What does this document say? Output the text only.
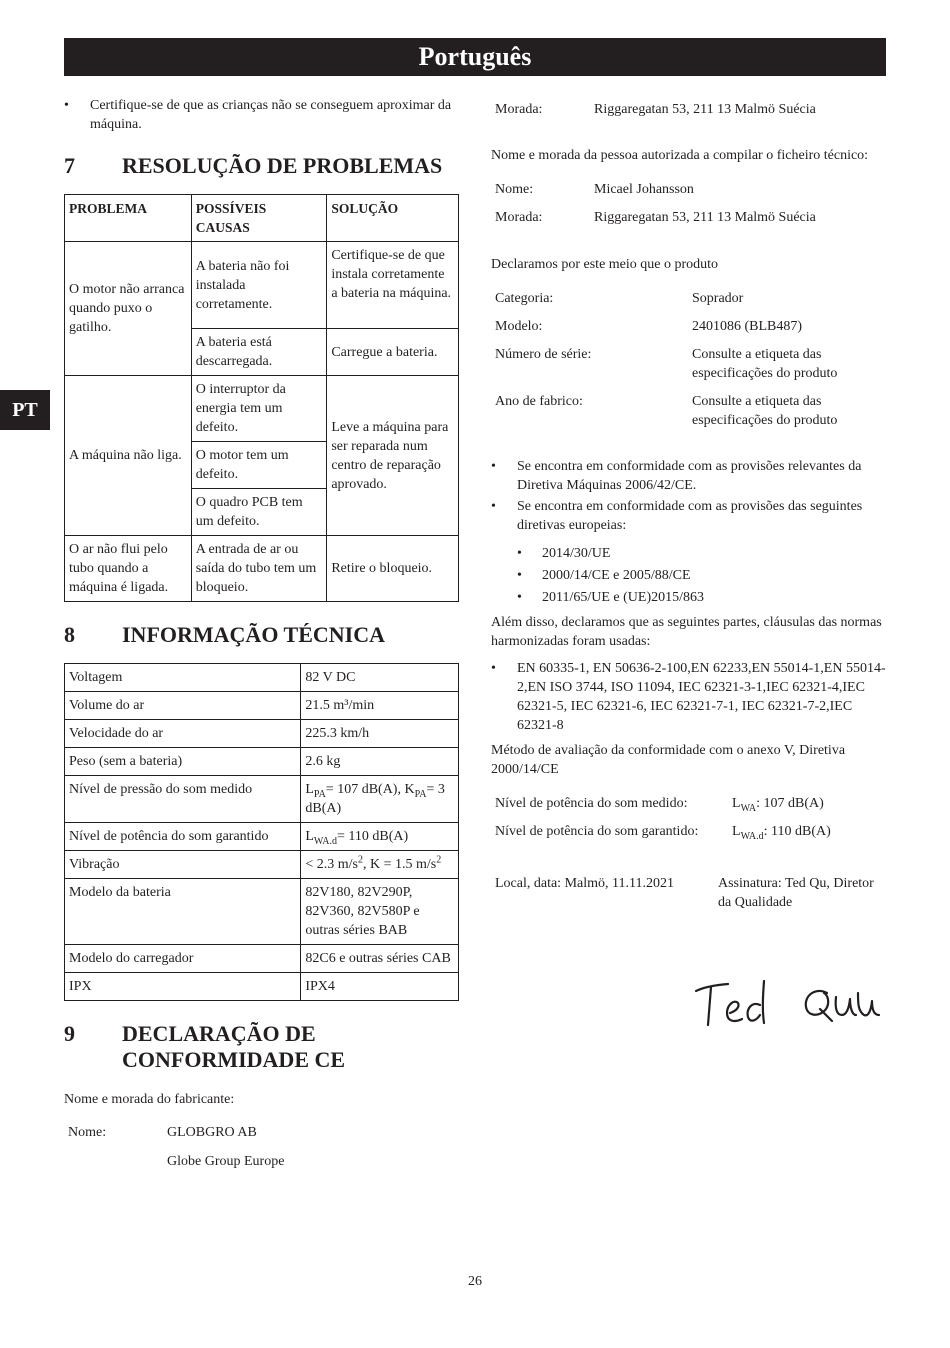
Português
PT
• Certifique-se de que as crianças não se conseguem aproximar da máquina.
7 RESOLUÇÃO DE PROBLEMAS
PROBLEMA	POSSÍVEIS CAUSAS	SOLUÇÃO
O motor não arranca quando puxo o gatilho.	A bateria não foi instalada corretamente.	Certifique-se de que instala corretamente a bateria na máquina.
	A bateria está descarregada.	Carregue a bateria.
A máquina não liga.	O interruptor da energia tem um defeito.	Leve a máquina para ser reparada num centro de reparação aprovado.
	O motor tem um defeito.	
	O quadro PCB tem um defeito.	
O ar não flui pelo tubo quando a máquina é ligada.	A entrada de ar ou saída do tubo tem um bloqueio.	Retire o bloqueio.
8 INFORMAÇÃO TÉCNICA
Voltagem	82 V DC
Volume do ar	21.5 m³/min
Velocidade do ar	225.3 km/h
Peso (sem a bateria)	2.6 kg
Nível de pressão do som medido	$L_{PA}= 107$ dB(A), $K_{PA}= 3$ dB(A)
Nível de potência do som garantido	$L_{WA.d}= 110$ dB(A)
Vibração	< 2.3 $m/s^2$, K = 1.5 $m/s^2$
Modelo da bateria	82V180, 82V290P, 82V360, 82V580P e outras séries BAB
Modelo do carregador	82C6 e outras séries CAB
IPX	IPX4
9 DECLARAÇÃO DE
CONFORMIDADE CE

Nome e morada do fabricante:

Nome:	GLOBGRO AB
	Globe Group Europe
Morada:	Riggaregatan 53, 211 13 Malmö Suécia

Nome e morada da pessoa autorizada a compilar o ficheiro técnico:

Nome:	Micael Johansson
Morada:	Riggaregatan 53, 211 13 Malmö Suécia

Declaramos por este meio que o produto

Categoria:	Soprador
Modelo:	2401086 (BLB487)
Número de série:	Consulte a etiqueta das especificações do produto
Ano de fabrico:	Consulte a etiqueta das especificações do produto
• Se encontra em conformidade com as provisões relevantes da Diretiva Máquinas 2006/42/CE.
• Se encontra em conformidade com as provisões das seguintes diretivas europeias:
• 2014/30/UE
• 2000/14/CE e 2005/88/CE
• 2011/65/UE e (UE)2015/863

Além disso, declaramos que as seguintes partes, cláusulas das normas harmonizadas foram usadas:

• EN 60335-1, EN 50636-2-100,EN 62233,EN 55014-1,EN 55014-2,EN ISO 3744, ISO 11094, IEC 62321-3-1,IEC 62321-4,IEC 62321-5, IEC 62321-6, IEC 62321-7-1, IEC 62321-7-2,IEC 62321-8

Método de avaliação da conformidade com o anexo V, Diretiva 2000/14/CE

Nível de potência do som medido:	$L_{WA}$: 107 dB(A)
Nível de potência do som garantido:	$L_{WA.d}$: 110 dB(A)
Local, data: Malmö, 11.11.2021	Assinatura: Ted Qu, Diretor da Qualidade
26
